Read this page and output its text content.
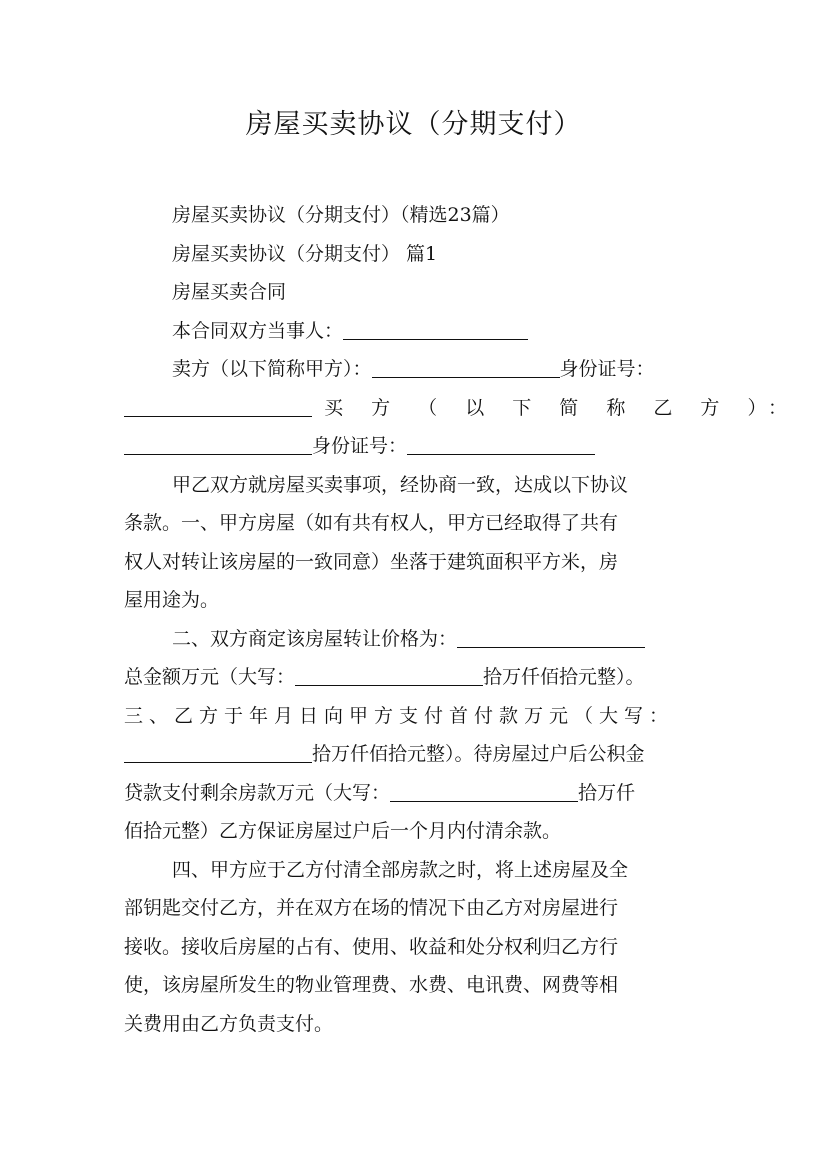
房屋买卖协议（分期支付）
房屋买卖协议（分期支付）（精选23篇）
房屋买卖协议（分期支付） 篇1
房屋买卖合同
本合同双方当事人：
卖方（以下简称甲方）：	身份证号：
买 方 （ 以 下 简 称 乙 方 ）：
身份证号：
甲乙双方就房屋买卖事项，经协商一致，达成以下协议
条款。一、甲方房屋（如有共有权人，甲方已经取得了共有
权人对转让该房屋的一致同意）坐落于建筑面积平方米，房
屋用途为。
二、双方商定该房屋转让价格为：
总金额万元（大写：	拾万仟佰拾元整）。
三、乙方于年月日向甲方支付首付款万元（大写：
拾万仟佰拾元整）。待房屋过户后公积金
贷款支付剩余房款万元（大写：	拾万仟
佰拾元整）乙方保证房屋过户后一个月内付清余款。
四、甲方应于乙方付清全部房款之时，将上述房屋及全
部钥匙交付乙方，并在双方在场的情况下由乙方对房屋进行
接收。接收后房屋的占有、使用、收益和处分权利归乙方行
使，该房屋所发生的物业管理费、水费、电讯费、网费等相
关费用由乙方负责支付。
